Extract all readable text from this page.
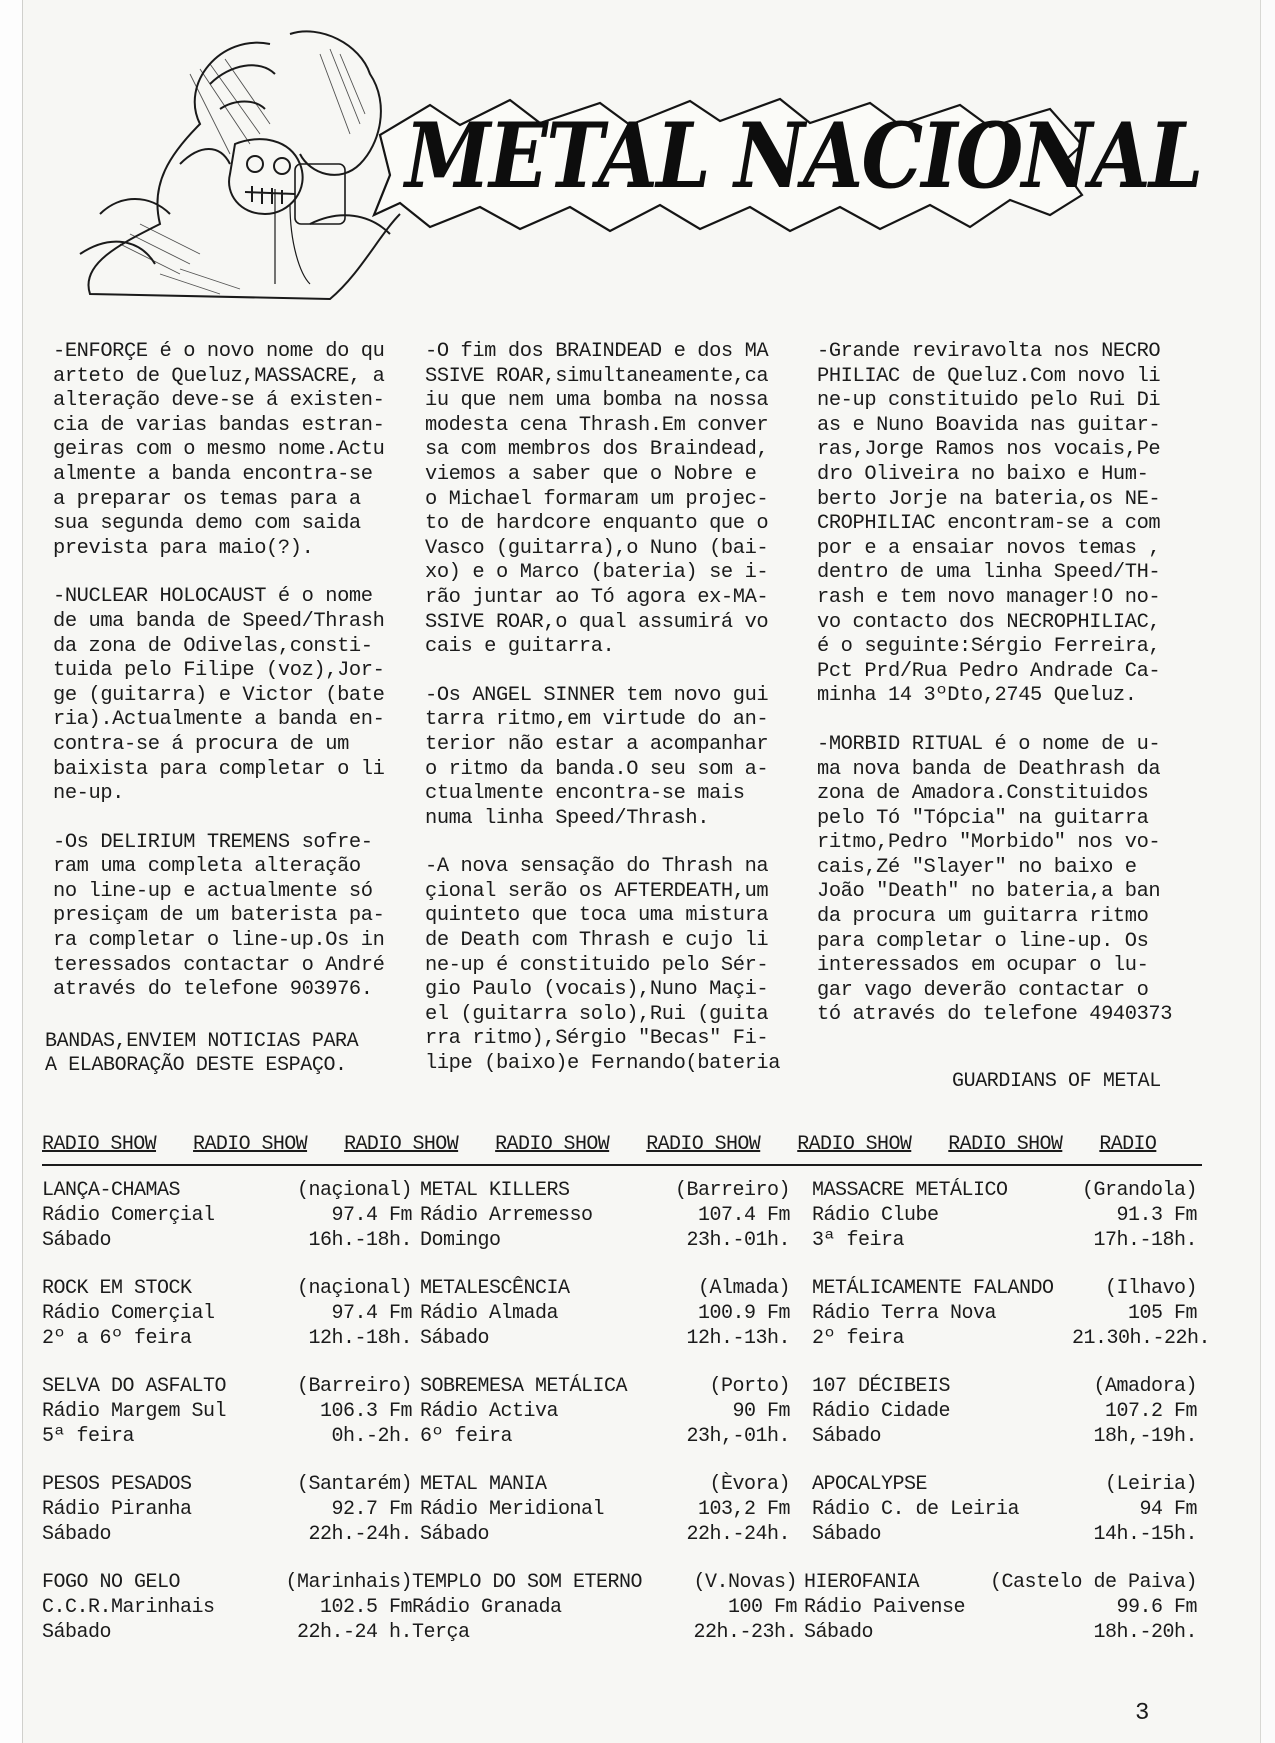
METAL NACIONAL

-ENFORÇE é o novo nome do qu
arteto de Queluz,MASSACRE, a
alteração deve-se á existen-
cia de varias bandas estran-
geiras com o mesmo nome.Actu
almente a banda encontra-se
a preparar os temas para a
sua segunda demo com saida
prevista para maio(?).

-NUCLEAR HOLOCAUST é o nome
de uma banda de Speed/Thrash
da zona de Odivelas,consti-
tuida pelo Filipe (voz),Jor-
ge (guitarra) e Victor (bate
ria).Actualmente a banda en-
contra-se á procura de um
baixista para completar o li
ne-up.

-Os DELIRIUM TREMENS sofre-
ram uma completa alteração
no line-up e actualmente só
presiçam de um baterista pa-
ra completar o line-up.Os in
teressados contactar o André
através do telefone 903976.

-O fim dos BRAINDEAD e dos MA
SSIVE ROAR,simultaneamente,ca
iu que nem uma bomba na nossa
modesta cena Thrash.Em conver
sa com membros dos Braindead,
viemos a saber que o Nobre e
o Michael formaram um projec-
to de hardcore enquanto que o
Vasco (guitarra),o Nuno (bai-
xo) e o Marco (bateria) se i-
rão juntar ao Tó agora ex-MA-
SSIVE ROAR,o qual assumirá vo
cais e guitarra.

-Os ANGEL SINNER tem novo gui
tarra ritmo,em virtude do an-
terior não estar a acompanhar
o ritmo da banda.O seu som a-
ctualmente encontra-se mais
numa linha Speed/Thrash.

-A nova sensação do Thrash na
çional serão os AFTERDEATH,um
quinteto que toca uma mistura
de Death com Thrash e cujo li
ne-up é constituido pelo Sér-
gio Paulo (vocais),Nuno Maçi-
el (guitarra solo),Rui (guita
rra ritmo),Sérgio "Becas" Fi-
lipe (baixo)e Fernando(bateria

-Grande reviravolta nos NECRO
PHILIAC de Queluz.Com novo li
ne-up constituido pelo Rui Di
as e Nuno Boavida nas guitar-
ras,Jorge Ramos nos vocais,Pe
dro Oliveira no baixo e Hum-
berto Jorje na bateria,os NE-
CROPHILIAC encontram-se a com
por e a ensaiar novos temas ,
dentro de uma linha Speed/TH-
rash e tem novo manager!O no-
vo contacto dos NECROPHILIAC,
é o seguinte:Sérgio Ferreira,
Pct Prd/Rua Pedro Andrade Ca-
minha 14 3ºDto,2745 Queluz.

-MORBID RITUAL é o nome de u-
ma nova banda de Deathrash da
zona de Amadora.Constituidos
pelo Tó "Tópcia" na guitarra
ritmo,Pedro "Morbido" nos vo-
cais,Zé "Slayer" no baixo e
João "Death" no bateria,a ban
da procura um guitarra ritmo
para completar o line-up. Os
interessados em ocupar o lu-
gar vago deverão contactar o
tó através do telefone 4940373

BANDAS,ENVIEM NOTICIAS PARA
A ELABORAÇÃO DESTE ESPAÇO.
GUARDIANS OF METAL
RADIO SHOW RADIO SHOW RADIO SHOW RADIO SHOW RADIO SHOW RADIO SHOW RADIO SHOW RADIO
LANÇA-CHAMAS
Rádio Comerçial
Sábado
(naçional)
97.4 Fm
16h.-18h.
METAL KILLERS
Rádio Arremesso
Domingo
(Barreiro)
107.4 Fm
23h.-01h.
MASSACRE METÁLICO
Rádio Clube
3ª feira
(Grandola)
91.3 Fm
17h.-18h.
ROCK EM STOCK
Rádio Comerçial
2º a 6º feira
(naçional)
97.4 Fm
12h.-18h.
METALESCÊNCIA
Rádio Almada
Sábado
(Almada)
100.9 Fm
12h.-13h.
METÁLICAMENTE FALANDO
Rádio Terra Nova
2º feira
(Ilhavo)
105 Fm
21.30h.-22h.
SELVA DO ASFALTO
Rádio Margem Sul
5ª feira
(Barreiro)
106.3 Fm
0h.-2h.
SOBREMESA METÁLICA
Rádio Activa
6º feira
(Porto)
90 Fm
23h,-01h.
107 DÉCIBEIS
Rádio Cidade
Sábado
(Amadora)
107.2 Fm
18h,-19h.
PESOS PESADOS
Rádio Piranha
Sábado
(Santarém)
92.7 Fm
22h.-24h.
METAL MANIA
Rádio Meridional
Sábado
(Èvora)
103,2 Fm
22h.-24h.
APOCALYPSE
Rádio C. de Leiria
Sábado
(Leiria)
94 Fm
14h.-15h.
FOGO NO GELO
C.C.R.Marinhais
Sábado
(Marinhais)
102.5 Fm
22h.-24 h.
TEMPLO DO SOM ETERNO
Rádio Granada
Terça
(V.Novas)
100 Fm
22h.-23h.
HIEROFANIA
Rádio Paivense
Sábado
(Castelo de Paiva)
99.6 Fm
18h.-20h.
3
